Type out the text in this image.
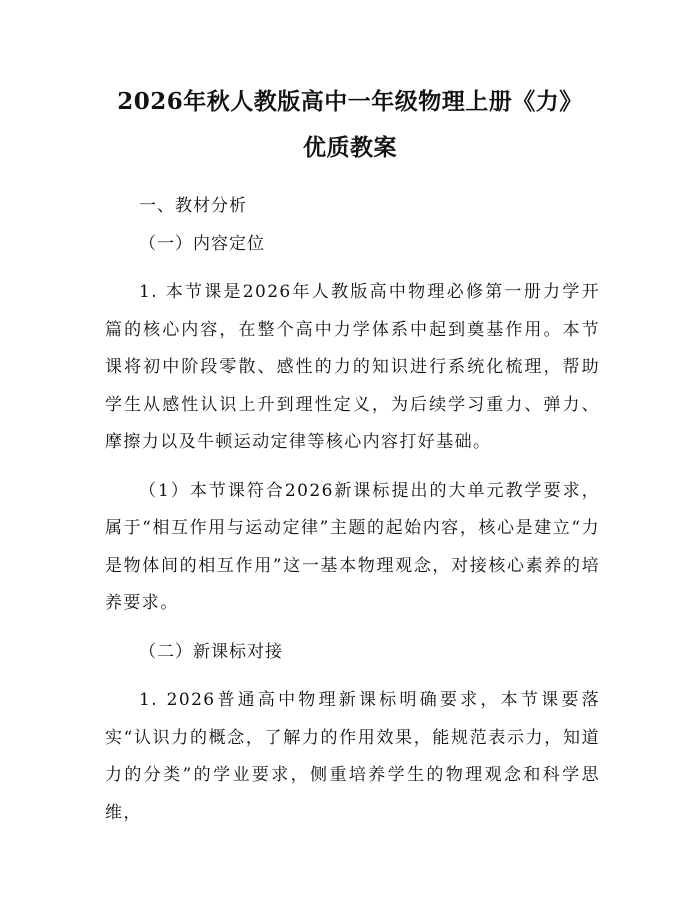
2026年秋人教版高中一年级物理上册《力》
优质教案

一、教材分析

（一）内容定位

1. 本节课是2026年人教版高中物理必修第一册力学开篇的核心内容，在整个高中力学体系中起到奠基作用。本节课将初中阶段零散、感性的力的知识进行系统化梳理，帮助学生从感性认识上升到理性定义，为后续学习重力、弹力、摩擦力以及牛顿运动定律等核心内容打好基础。

（1）本节课符合2026新课标提出的大单元教学要求，属于“相互作用与运动定律”主题的起始内容，核心是建立“力是物体间的相互作用”这一基本物理观念，对接核心素养的培养要求。

（二）新课标对接

1. 2026普通高中物理新课标明确要求，本节课要落实“认识力的概念，了解力的作用效果，能规范表示力，知道力的分类”的学业要求，侧重培养学生的物理观念和科学思维，
